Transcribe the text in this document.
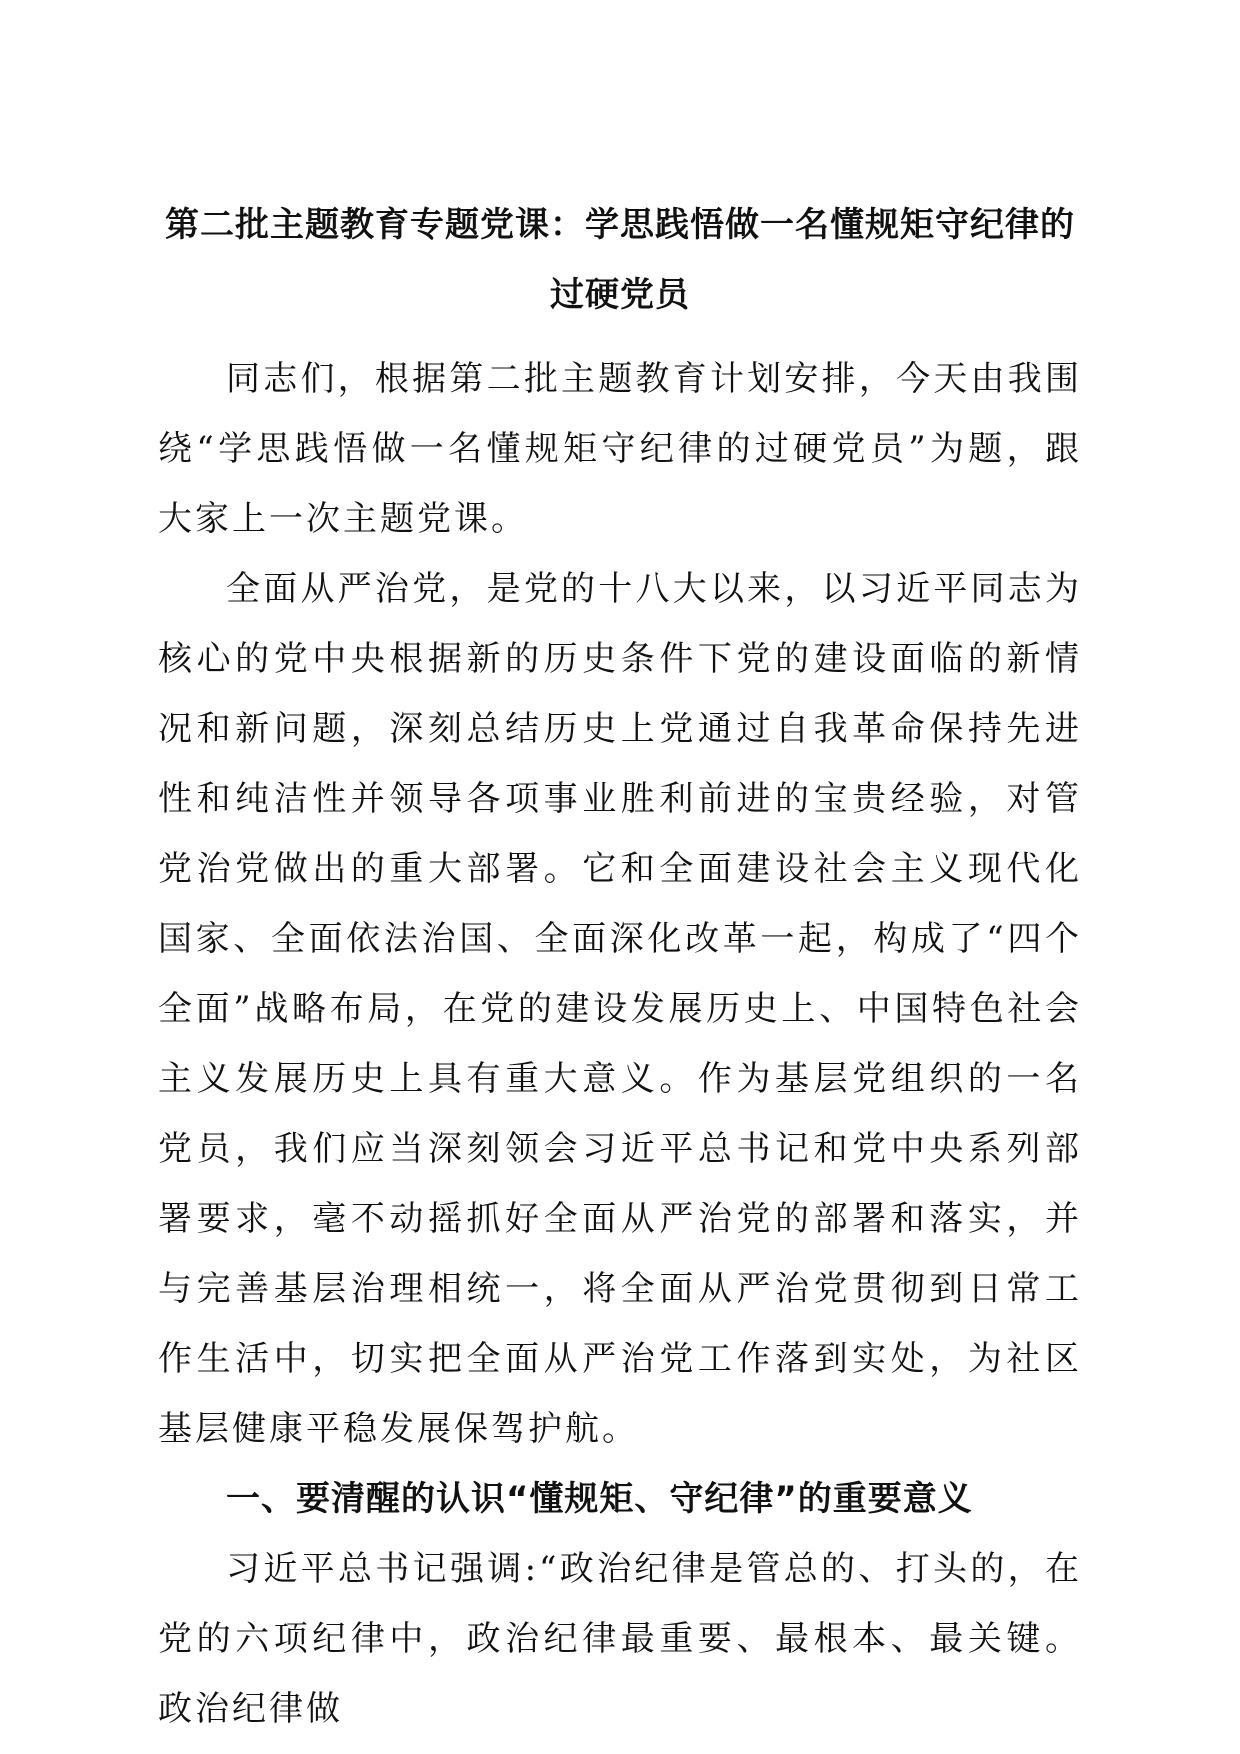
第二批主题教育专题党课：学思践悟做一名懂规矩守纪律的过硬党员

同志们，根据第二批主题教育计划安排，今天由我围绕“学思践悟做一名懂规矩守纪律的过硬党员”为题，跟大家上一次主题党课。

全面从严治党，是党的十八大以来，以习近平同志为核心的党中央根据新的历史条件下党的建设面临的新情况和新问题，深刻总结历史上党通过自我革命保持先进性和纯洁性并领导各项事业胜利前进的宝贵经验，对管党治党做出的重大部署。它和全面建设社会主义现代化国家、全面依法治国、全面深化改革一起，构成了“四个全面”战略布局，在党的建设发展历史上、中国特色社会主义发展历史上具有重大意义。作为基层党组织的一名党员，我们应当深刻领会习近平总书记和党中央系列部署要求，毫不动摇抓好全面从严治党的部署和落实，并与完善基层治理相统一，将全面从严治党贯彻到日常工作生活中，切实把全面从严治党工作落到实处，为社区基层健康平稳发展保驾护航。

一、要清醒的认识“懂规矩、守纪律”的重要意义

习近平总书记强调:“政治纪律是管总的、打头的，在党的六项纪律中，政治纪律最重要、最根本、最关键。政治纪律做
